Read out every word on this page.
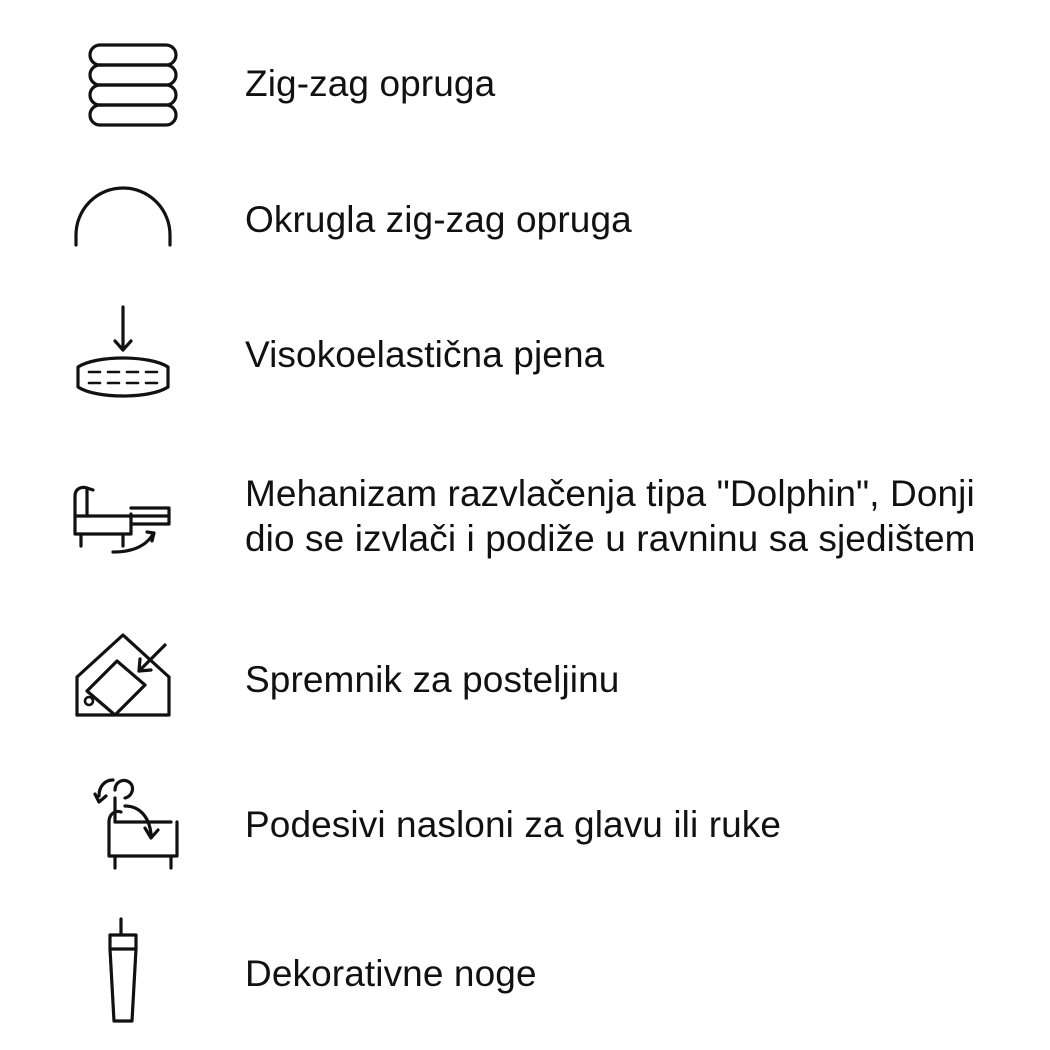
Zig-zag opruga
Okrugla zig-zag opruga
Visokoelastična pjena
Mehanizam razvlačenja tipa "Dolphin", Donji dio se izvlači i podiže u ravninu sa sjedištem
Spremnik za posteljinu
Podesivi nasloni za glavu ili ruke
Dekorativne noge
